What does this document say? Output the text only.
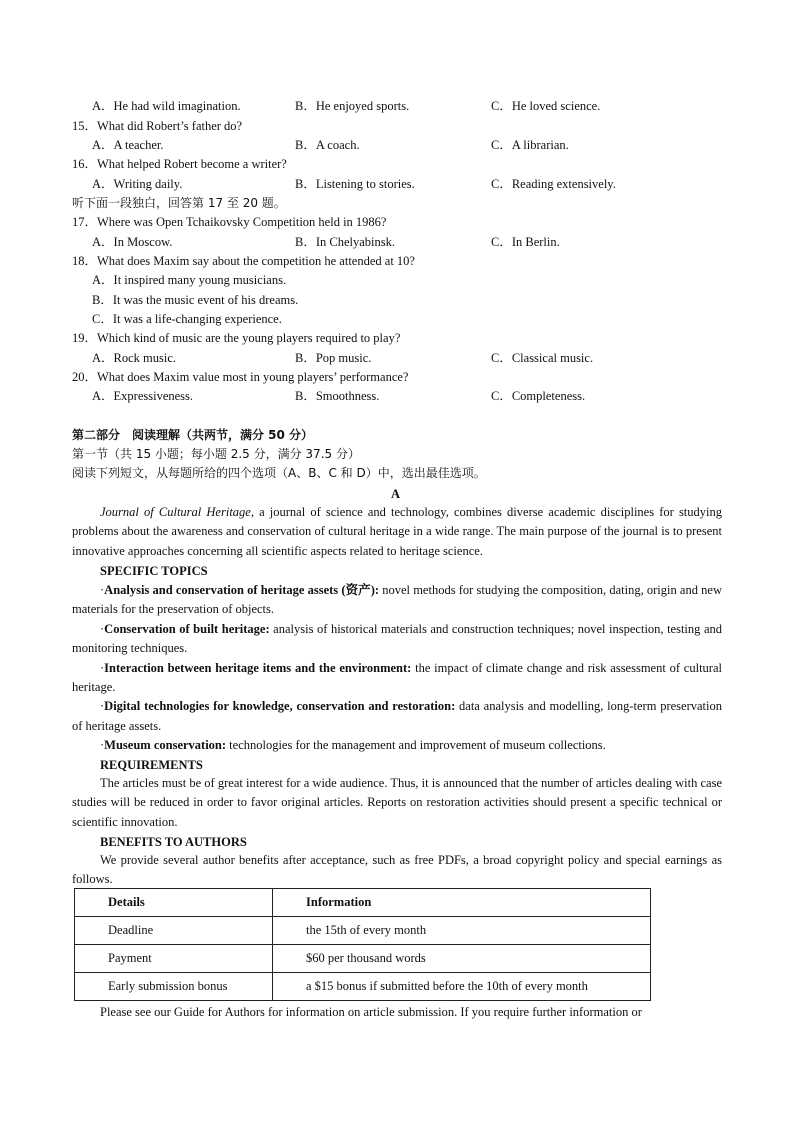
A．He had wild imagination.	B．He enjoyed sports.	C．He loved science.
15．What did Robert’s father do?
A．A teacher.	B．A coach.	C．A librarian.
16．What helped Robert become a writer?
A．Writing daily.	B．Listening to stories.	C．Reading extensively.
听下面一段独白，回答第 17 至 20 题。
17．Where was Open Tchaikovsky Competition held in 1986?
A．In Moscow.	B．In Chelyabinsk.	C．In Berlin.
18．What does Maxim say about the competition he attended at 10?
A．It inspired many young musicians.
B．It was the music event of his dreams.
C．It was a life-changing experience.
19．Which kind of music are the young players required to play?
A．Rock music.	B．Pop music.	C．Classical music.
20．What does Maxim value most in young players’ performance?
A．Expressiveness.	B．Smoothness.	C．Completeness.
第二部分　阅读理解（共两节，满分 50 分）
第一节（共 15 小题；每小题 2.5 分，满分 37.5 分）
阅读下列短文，从每题所给的四个选项（A、B、C 和 D）中，选出最佳选项。
A

Journal of Cultural Heritage, a journal of science and technology, combines diverse academic disciplines for studying problems about the awareness and conservation of cultural heritage in a wide range. The main purpose of the journal is to present innovative approaches concerning all scientific aspects related to heritage science.

SPECIFIC TOPICS

·Analysis and conservation of heritage assets (资产): novel methods for studying the composition, dating, origin and new materials for the preservation of objects.

·Conservation of built heritage: analysis of historical materials and construction techniques; novel inspection, testing and monitoring techniques.

·Interaction between heritage items and the environment: the impact of climate change and risk assessment of cultural heritage.

·Digital technologies for knowledge, conservation and restoration: data analysis and modelling, long-term preservation of heritage assets.

·Museum conservation: technologies for the management and improvement of museum collections.

REQUIREMENTS

The articles must be of great interest for a wide audience. Thus, it is announced that the number of articles dealing with case studies will be reduced in order to favor original articles. Reports on restoration activities should present a specific technical or scientific innovation.

BENEFITS TO AUTHORS

We provide several author benefits after acceptance, such as free PDFs, a broad copyright policy and special earnings as follows.

Details	Information
Deadline	the 15th of every month
Payment	$60 per thousand words
Early submission bonus	a $15 bonus if submitted before the 10th of every month

Please see our Guide for Authors for information on article submission. If you require further information or
